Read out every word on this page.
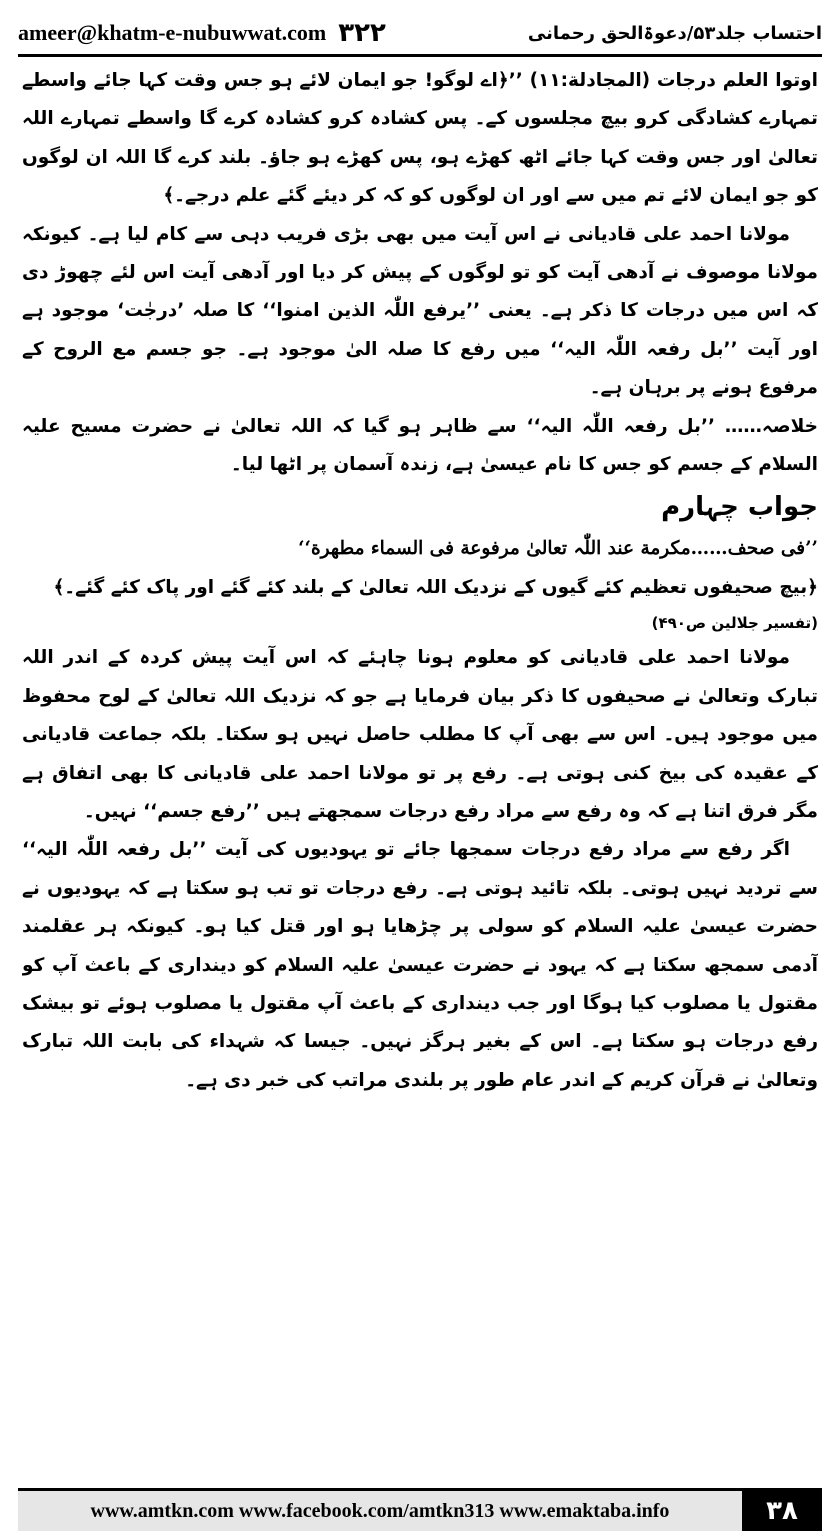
ameer@khatm-e-nubuwwat.com ۳۲۲	احتساب جلد۵۳/دعوۃالحق رحمانی

اوتوا العلم درجات (المجادلة:۱۱) ’’﴿اے لوگو! جو ایمان لائے ہو جس وقت کہا جائے واسطے تمہارے کشادگی کرو بیچ مجلسوں کے۔ پس کشادہ کرو کشادہ کرے گا واسطے تمہارے اللہ تعالیٰ اور جس وقت کہا جائے اٹھ کھڑے ہو، پس کھڑے ہو جاؤ۔ بلند کرے گا اللہ ان لوگوں کو جو ایمان لائے تم میں سے اور ان لوگوں کو کہ کر دیئے گئے علم درجے۔﴾

مولانا احمد علی قادیانی نے اس آیت میں بھی بڑی فریب دہی سے کام لیا ہے۔ کیونکہ مولانا موصوف نے آدھی آیت کو تو لوگوں کے پیش کر دیا اور آدھی آیت اس لئے چھوڑ دی کہ اس میں درجات کا ذکر ہے۔ یعنی ’’یرفع اللّٰہ الذین امنوا‘‘ کا صلہ ’درجٰت‘ موجود ہے اور آیت ’’بل رفعہ اللّٰہ الیہ‘‘ میں رفع کا صلہ الیٰ موجود ہے۔ جو جسم مع الروح کے مرفوع ہونے پر برہان ہے۔

خلاصہ…… ’’بل رفعہ اللّٰہ الیہ‘‘ سے ظاہر ہو گیا کہ اللہ تعالیٰ نے حضرت مسیح علیہ السلام کے جسم کو جس کا نام عیسیٰ ہے، زندہ آسمان پر اٹھا لیا۔

جواب چہارم

’’فی صحف……مکرمة عند اللّٰہ تعالیٰ مرفوعة فی السماء مطھرة‘‘

﴿بیچ صحیفوں تعظیم کئے گیوں کے نزدیک اللہ تعالیٰ کے بلند کئے گئے اور پاک کئے گئے۔﴾

(تفسیر جلالین ص۴۹۰)

مولانا احمد علی قادیانی کو معلوم ہونا چاہئے کہ اس آیت پیش کردہ کے اندر اللہ تبارک وتعالیٰ نے صحیفوں کا ذکر بیان فرمایا ہے جو کہ نزدیک اللہ تعالیٰ کے لوح محفوظ میں موجود ہیں۔ اس سے بھی آپ کا مطلب حاصل نہیں ہو سکتا۔ بلکہ جماعت قادیانی کے عقیدہ کی بیخ کنی ہوتی ہے۔ رفع پر تو مولانا احمد علی قادیانی کا بھی اتفاق ہے مگر فرق اتنا ہے کہ وہ رفع سے مراد رفع درجات سمجھتے ہیں ’’رفع جسم‘‘ نہیں۔

اگر رفع سے مراد رفع درجات سمجھا جائے تو یہودیوں کی آیت ’’بل رفعہ اللّٰہ الیہ‘‘ سے تردید نہیں ہوتی۔ بلکہ تائید ہوتی ہے۔ رفع درجات تو تب ہو سکتا ہے کہ یہودیوں نے حضرت عیسیٰ علیہ السلام کو سولی پر چڑھایا ہو اور قتل کیا ہو۔ کیونکہ ہر عقلمند آدمی سمجھ سکتا ہے کہ یہود نے حضرت عیسیٰ علیہ السلام کو دینداری کے باعث آپ کو مقتول یا مصلوب کیا ہوگا اور جب دینداری کے باعث آپ مقتول یا مصلوب ہوئے تو بیشک رفع درجات ہو سکتا ہے۔ اس کے بغیر ہرگز نہیں۔ جیسا کہ شہداء کی بابت اللہ تبارک وتعالیٰ نے قرآن کریم کے اندر عام طور پر بلندی مراتب کی خبر دی ہے۔

www.amtkn.com www.facebook.com/amtkn313 www.emaktaba.info	۳۸
